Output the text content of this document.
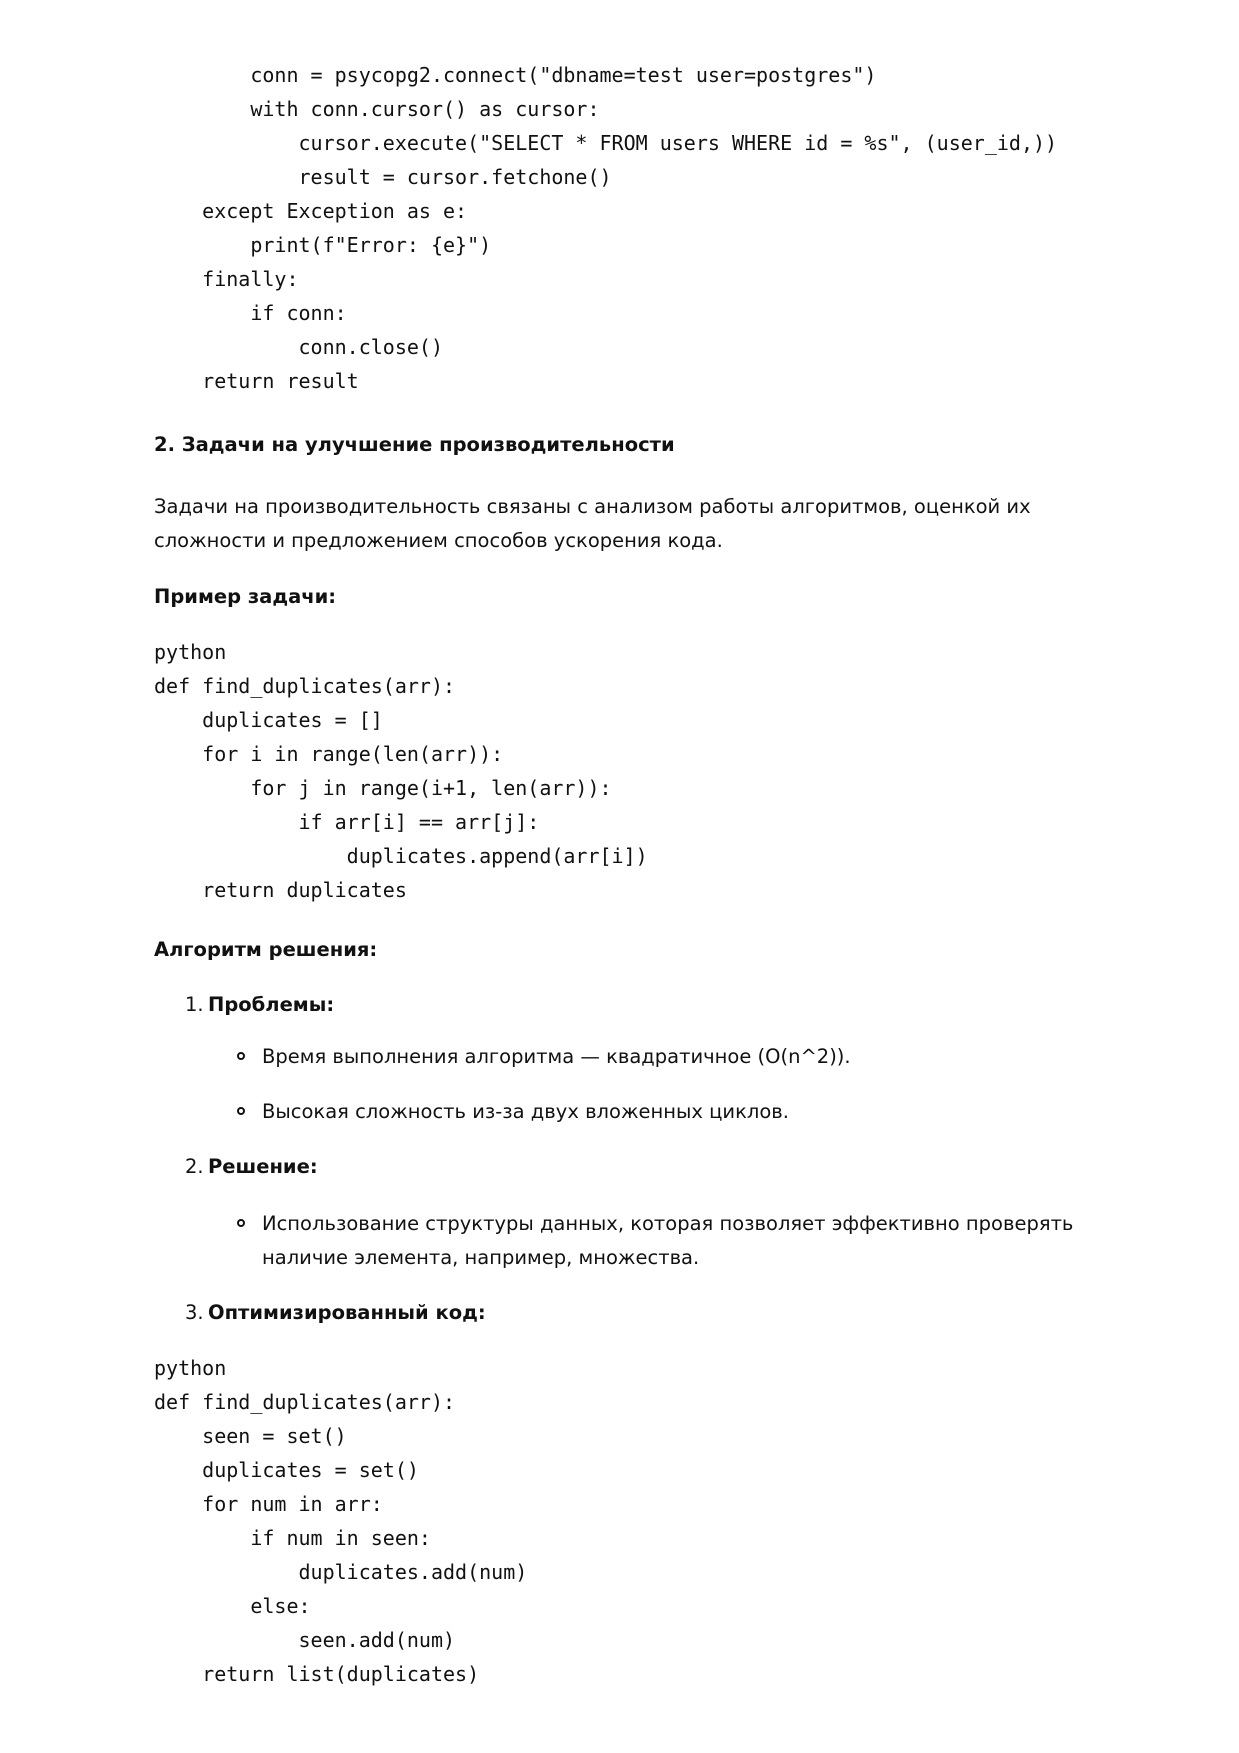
conn = psycopg2.connect("dbname=test user=postgres")
with conn.cursor() as cursor:
cursor.execute("SELECT * FROM users WHERE id = %s", (user_id,))
result = cursor.fetchone()
except Exception as e:
print(f"Error: {e}")
finally:
if conn:
conn.close()
return result
2. Задачи на улучшение производительности
Задачи на производительность связаны с анализом работы алгоритмов, оценкой их
сложности и предложением способов ускорения кода.
Пример задачи:
python
def find_duplicates(arr):
duplicates = []
for i in range(len(arr)):
for j in range(i+1, len(arr)):
if arr[i] == arr[j]:
duplicates.append(arr[i])
return duplicates
Алгоритм решения:
1. Проблемы:
Время выполнения алгоритма — квадратичное (O(n^2)).
Высокая сложность из-за двух вложенных циклов.
2. Решение:
Использование структуры данных, которая позволяет эффективно проверять
наличие элемента, например, множества.
3. Оптимизированный код:
python
def find_duplicates(arr):
seen = set()
duplicates = set()
for num in arr:
if num in seen:
duplicates.add(num)
else:
seen.add(num)
return list(duplicates)
